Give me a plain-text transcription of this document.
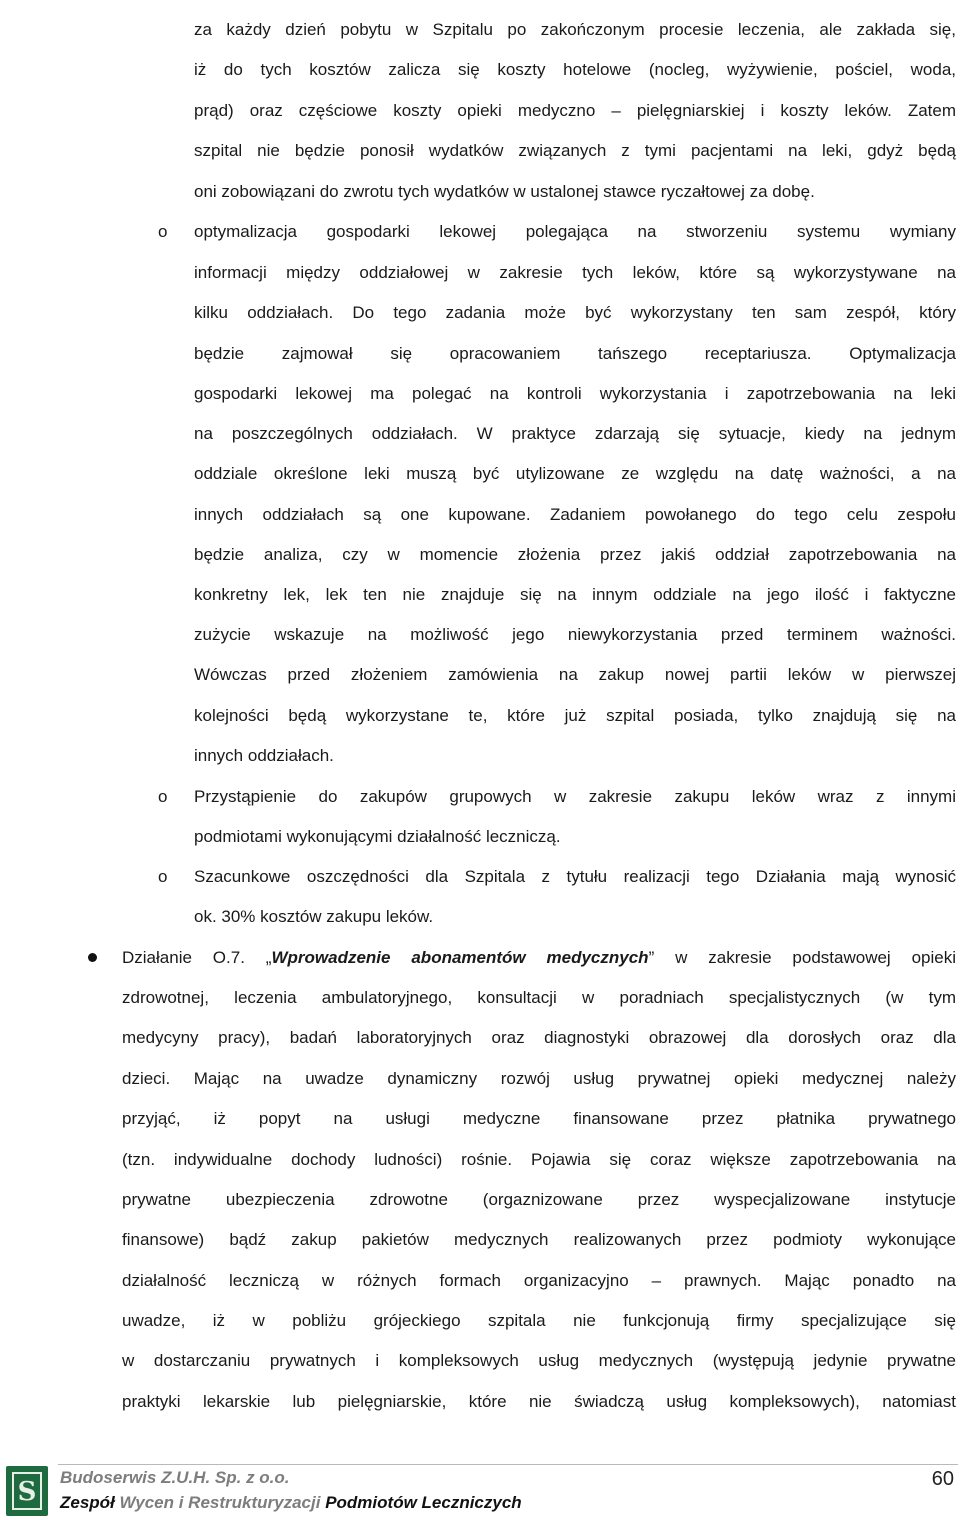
za każdy dzień pobytu w Szpitalu po zakończonym procesie leczenia, ale zakłada się,
iż do tych kosztów zalicza się koszty hotelowe (nocleg, wyżywienie, pościel, woda,
prąd) oraz częściowe koszty opieki medyczno – pielęgniarskiej i koszty leków. Zatem
szpital nie będzie ponosił wydatków związanych z tymi pacjentami na leki, gdyż będą
oni zobowiązani do zwrotu tych wydatków w ustalonej stawce ryczałtowej za dobę.
optymalizacja gospodarki lekowej polegająca na stworzeniu systemu wymiany
o
informacji między oddziałowej w zakresie tych leków, które są wykorzystywane na
kilku oddziałach. Do tego zadania może być wykorzystany ten sam zespół, który
będzie zajmował się opracowaniem tańszego receptariusza. Optymalizacja
gospodarki lekowej ma polegać na kontroli wykorzystania i zapotrzebowania na leki
na poszczególnych oddziałach. W praktyce zdarzają się sytuacje, kiedy na jednym
oddziale określone leki muszą być utylizowane ze względu na datę ważności, a na
innych oddziałach są one kupowane. Zadaniem powołanego do tego celu zespołu
będzie analiza, czy w momencie złożenia przez jakiś oddział zapotrzebowania na
konkretny lek, lek ten nie znajduje się na innym oddziale na jego ilość i faktyczne
zużycie wskazuje na możliwość jego niewykorzystania przed terminem ważności.
Wówczas przed złożeniem zamówienia na zakup nowej partii leków w pierwszej
kolejności będą wykorzystane te, które już szpital posiada, tylko znajdują się na
innych oddziałach.
Przystąpienie do zakupów grupowych w zakresie zakupu leków wraz z innymi
o
podmiotami wykonującymi działalność leczniczą.
Szacunkowe oszczędności dla Szpitala z tytułu realizacji tego Działania mają wynosić
o
ok. 30% kosztów zakupu leków.
zdrowotnej, leczenia ambulatoryjnego, konsultacji w poradniach specjalistycznych (w tym
medycyny pracy), badań laboratoryjnych oraz diagnostyki obrazowej dla dorosłych oraz dla
dzieci. Mając na uwadze dynamiczny rozwój usług prywatnej opieki medycznej należy
przyjąć, iż popyt na usługi medyczne finansowane przez płatnika prywatnego
(tzn. indywidualne dochody ludności) rośnie. Pojawia się coraz większe zapotrzebowania na
prywatne ubezpieczenia zdrowotne (orgaznizowane przez wyspecjalizowane instytucje
finansowe) bądź zakup pakietów medycznych realizowanych przez podmioty wykonujące
działalność leczniczą w różnych formach organizacyjno – prawnych. Mając ponadto na
uwadze, iż w pobliżu grójeckiego szpitala nie funkcjonują firmy specjalizujące się
w dostarczaniu prywatnych i kompleksowych usług medycznych (występują jedynie prywatne
praktyki lekarskie lub pielęgniarskie, które nie świadczą usług kompleksowych), natomiast
Działanie O.7. „Wprowadzenie abonamentów medycznych” w zakresie podstawowej opieki
S Budoserwis Z.U.H. Sp. z o.o.
Zespół Wycen i Restrukturyzacji Podmiotów Leczniczych
60
